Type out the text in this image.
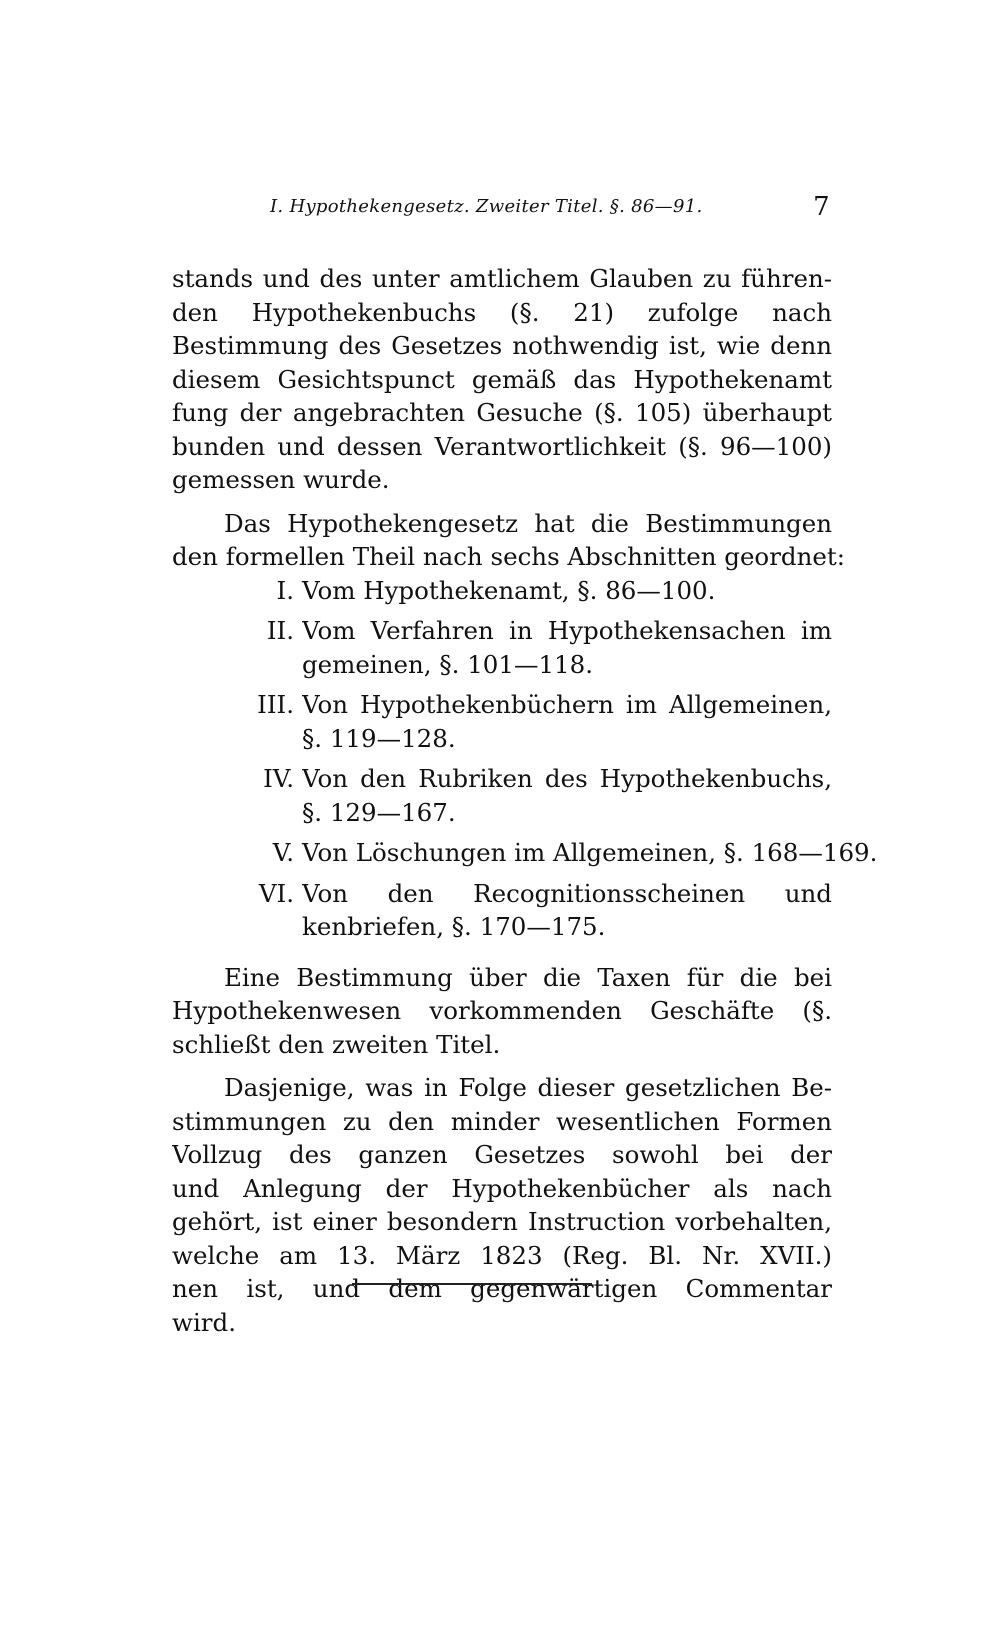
I. Hypothekengesetz. Zweiter Titel. §. 86—91.	7
stands und des unter amtlichem Glauben zu führen-
den Hypothekenbuchs (§. 21) zufolge nach
Bestimmung des Gesetzes nothwendig ist, wie denn
diesem Gesichtspunct gemäß das Hypothekenamt
fung der angebrachten Gesuche (§. 105) überhaupt
bunden und dessen Verantwortlichkeit (§. 96—100)
gemessen wurde.
Das Hypothekengesetz hat die Bestimmungen
den formellen Theil nach sechs Abschnitten geordnet:
I. Vom Hypothekenamt, §. 86—100.
II. Vom Verfahren in Hypothekensachen im
gemeinen, §. 101—118.
III. Von Hypothekenbüchern im Allgemeinen,
§. 119—128.
IV. Von den Rubriken des Hypothekenbuchs,
§. 129—167.
V. Von Löschungen im Allgemeinen, §. 168—169.
VI. Von den Recognitionsscheinen und
kenbriefen, §. 170—175.
Eine Bestimmung über die Taxen für die bei
Hypothekenwesen vorkommenden Geschäfte (§.
schließt den zweiten Titel.
Dasjenige, was in Folge dieser gesetzlichen Be-
stimmungen zu den minder wesentlichen Formen
Vollzug des ganzen Gesetzes sowohl bei der
und Anlegung der Hypothekenbücher als nach
gehört, ist einer besondern Instruction vorbehalten,
welche am 13. März 1823 (Reg. Bl. Nr. XVII.)
nen ist, und dem gegenwärtigen Commentar
wird.
